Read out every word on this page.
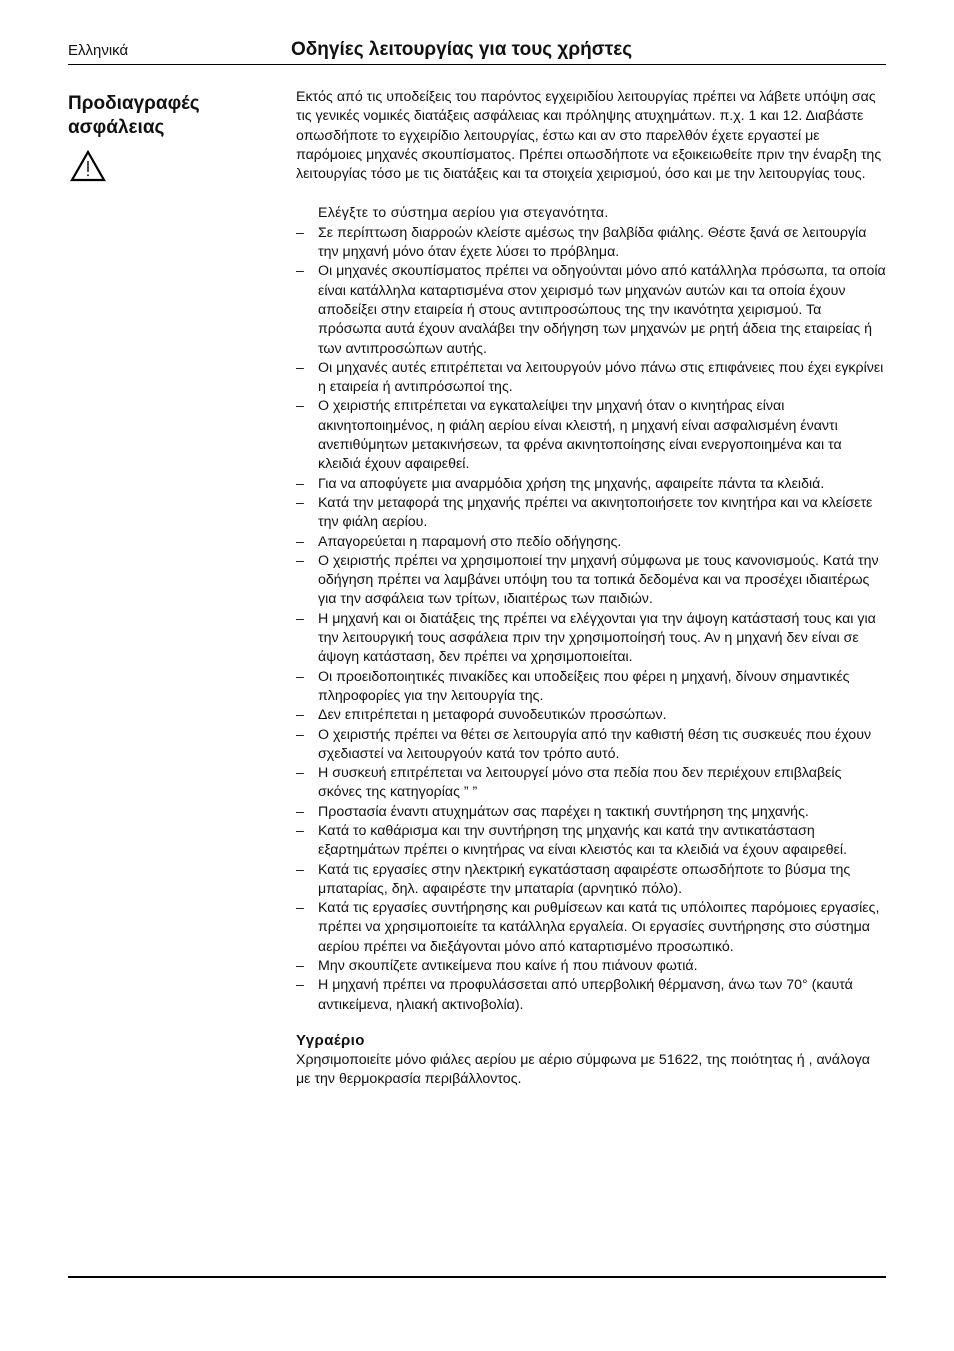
Ελληνικά	Οδηγίες λειτουργίας για τους χρήστες
Προδιαγραφές ασφάλειας

Εκτός από τις υποδείξεις του παρόντος εγχειριδίου λειτουργίας πρέπει να λάβετε υπόψη σας τις γενικές νομικές διατάξεις ασφάλειας και πρόληψης ατυχημάτων. π.χ. 1 και 12. Διαβάστε οπωσδήποτε το εγχειρίδιο λειτουργίας, έστω και αν στο παρελθόν έχετε εργαστεί με παρόμοιες μηχανές σκουπίσματος. Πρέπει οπωσδήποτε να εξοικειωθείτε πριν την έναρξη της λειτουργίας τόσο με τις διατάξεις και τα στοιχεία χειρισμού, όσο και με την λειτουργίας τους.

Ελέγξτε το σύστημα αερίου για στεγανότητα.
– Σε περίπτωση διαρροών κλείστε αμέσως την βαλβίδα φιάλης. Θέστε ξανά σε λειτουργία την μηχανή μόνο όταν έχετε λύσει το πρόβλημα.
– Οι μηχανές σκουπίσματος πρέπει να οδηγούνται μόνο από κατάλληλα πρόσωπα, τα οποία είναι κατάλληλα καταρτισμένα στον χειρισμό των μηχανών αυτών και τα οποία έχουν αποδείξει στην εταιρεία ή στους αντιπροσώπους της την ικανότητα χειρισμού. Τα πρόσωπα αυτά έχουν αναλάβει την οδήγηση των μηχανών με ρητή άδεια της εταιρείας ή των αντιπροσώπων αυτής.
– Οι μηχανές αυτές επιτρέπεται να λειτουργούν μόνο πάνω στις επιφάνειες που έχει εγκρίνει η εταιρεία ή αντιπρόσωποί της.
– Ο χειριστής επιτρέπεται να εγκαταλείψει την μηχανή όταν ο κινητήρας είναι ακινητοποιημένος, η φιάλη αερίου είναι κλειστή, η μηχανή είναι ασφαλισμένη έναντι ανεπιθύμητων μετακινήσεων, τα φρένα ακινητοποίησης είναι ενεργοποιημένα και τα κλειδιά έχουν αφαιρεθεί.
– Για να αποφύγετε μια αναρμόδια χρήση της μηχανής, αφαιρείτε πάντα τα κλειδιά.
– Κατά την μεταφορά της μηχανής πρέπει να ακινητοποιήσετε τον κινητήρα και να κλείσετε την φιάλη αερίου.
– Απαγορεύεται η παραμονή στο πεδίο οδήγησης.
– Ο χειριστής πρέπει να χρησιμοποιεί την μηχανή σύμφωνα με τους κανονισμούς. Κατά την οδήγηση πρέπει να λαμβάνει υπόψη του τα τοπικά δεδομένα και να προσέχει ιδιαιτέρως για την ασφάλεια των τρίτων, ιδιαιτέρως των παιδιών.
– Η μηχανή και οι διατάξεις της πρέπει να ελέγχονται για την άψογη κατάστασή τους και για την λειτουργική τους ασφάλεια πριν την χρησιμοποίησή τους. Αν η μηχανή δεν είναι σε άψογη κατάσταση, δεν πρέπει να χρησιμοποιείται.
– Οι προειδοποιητικές πινακίδες και υποδείξεις που φέρει η μηχανή, δίνουν σημαντικές πληροφορίες για την λειτουργία της.
– Δεν επιτρέπεται η μεταφορά συνοδευτικών προσώπων.
– Ο χειριστής πρέπει να θέτει σε λειτουργία από την καθιστή θέση τις συσκευές που έχουν σχεδιαστεί να λειτουργούν κατά τον τρόπο αυτό.
– Η συσκευή επιτρέπεται να λειτουργεί μόνο στα πεδία που δεν περιέχουν επιβλαβείς σκόνες της κατηγορίας ” ”
– Προστασία έναντι ατυχημάτων σας παρέχει η τακτική συντήρηση της μηχανής.
– Κατά το καθάρισμα και την συντήρηση της μηχανής και κατά την αντικατάσταση εξαρτημάτων πρέπει ο κινητήρας να είναι κλειστός και τα κλειδιά να έχουν αφαιρεθεί.
– Κατά τις εργασίες στην ηλεκτρική εγκατάσταση αφαιρέστε οπωσδήποτε το βύσμα της μπαταρίας, δηλ. αφαιρέστε την μπαταρία (αρνητικό πόλο).
– Κατά τις εργασίες συντήρησης και ρυθμίσεων και κατά τις υπόλοιπες παρόμοιες εργασίες, πρέπει να χρησιμοποιείτε τα κατάλληλα εργαλεία. Οι εργασίες συντήρησης στο σύστημα αερίου πρέπει να διεξάγονται μόνο από καταρτισμένο προσωπικό.
– Μην σκουπίζετε αντικείμενα που καίνε ή που πιάνουν φωτιά.
– Η μηχανή πρέπει να προφυλάσσεται από υπερβολική θέρμανση, άνω των 70° (καυτά αντικείμενα, ηλιακή ακτινοβολία).
Υγραέριο

Χρησιμοποιείτε μόνο φιάλες αερίου με αέριο σύμφωνα με 51622, της ποιότητας ή , ανάλογα με την θερμοκρασία περιβάλλοντος.
